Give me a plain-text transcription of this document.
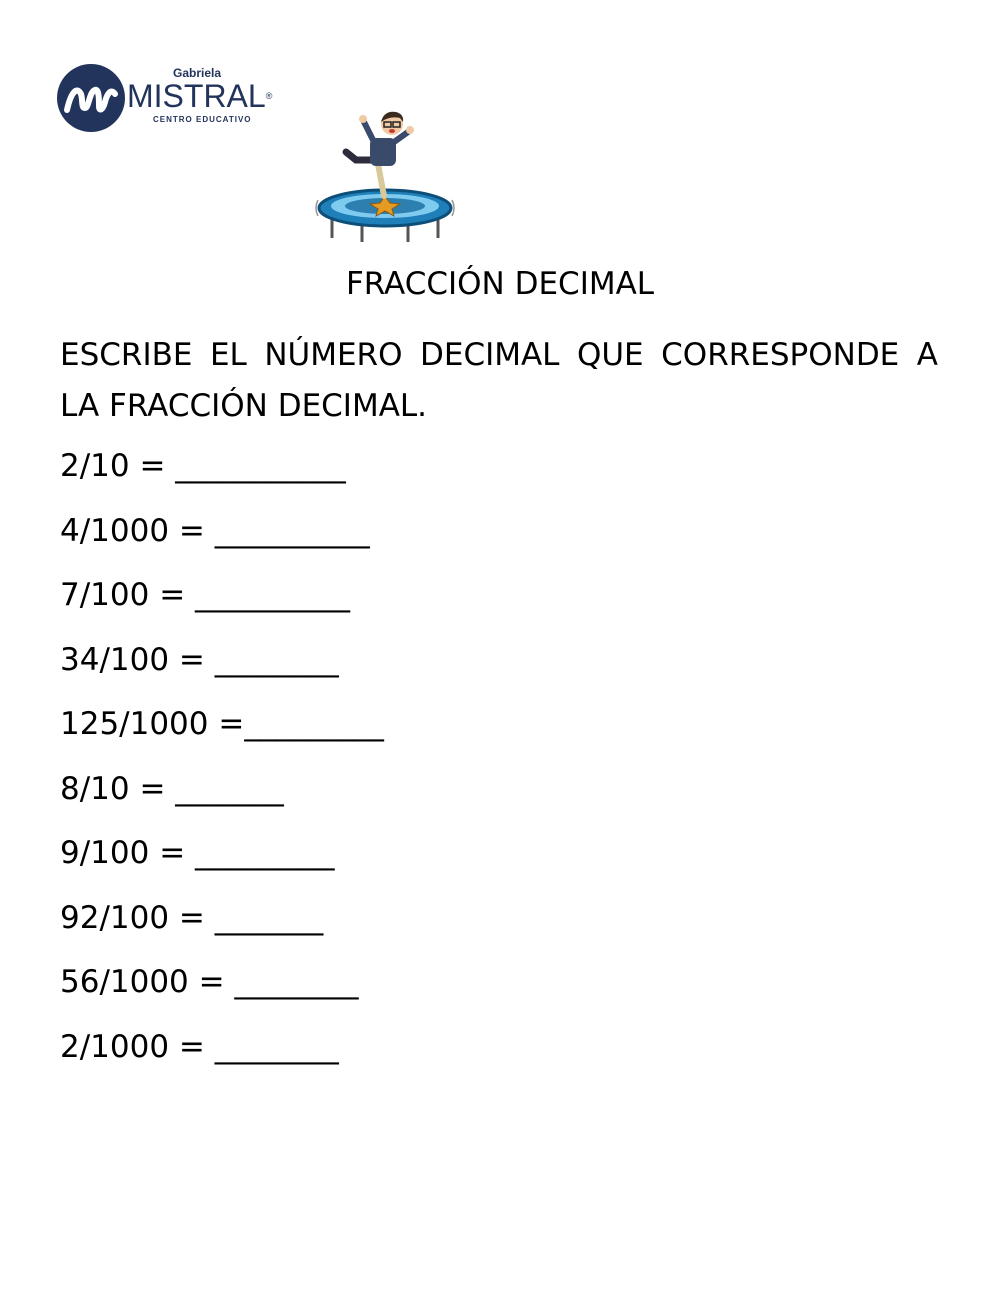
Gabriela
MISTRAL®
CENTRO EDUCATIVO
FRACCIÓN DECIMAL
ESCRIBE EL NÚMERO DECIMAL QUE CORRESPONDE A LA FRACCIÓN DECIMAL.
2/10 = ___________
4/1000 = __________
7/100 = __________
34/100 = ________
125/1000 =_________
8/10 = _______
9/100 = _________
92/100 = _______
56/1000 = ________
2/1000 = ________
